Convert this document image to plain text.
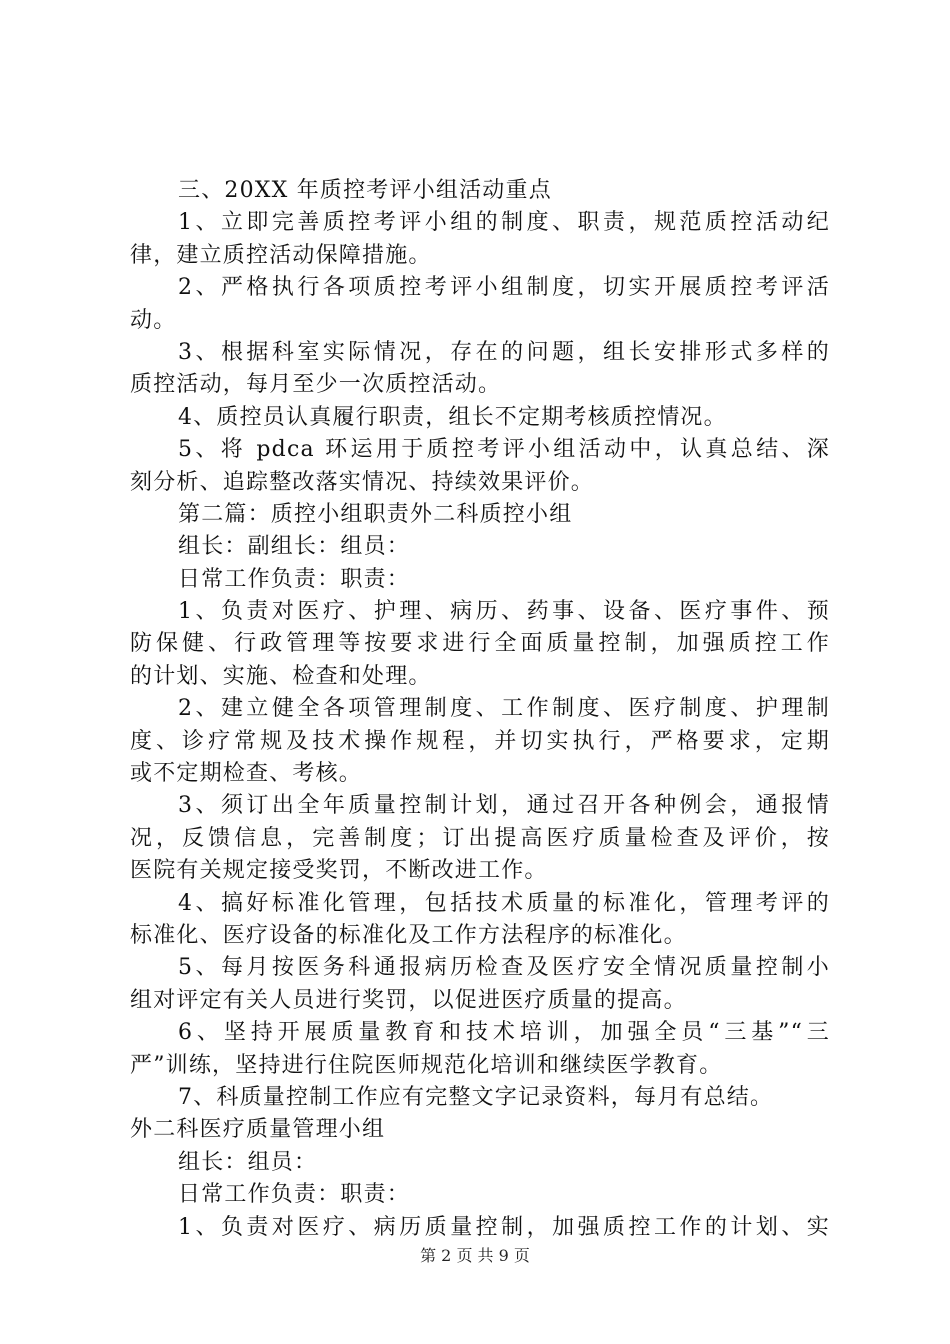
三、20XX 年质控考评小组活动重点
1、立即完善质控考评小组的制度、职责，规范质控活动纪
律，建立质控活动保障措施。
2、严格执行各项质控考评小组制度，切实开展质控考评活
动。
3、根据科室实际情况，存在的问题，组长安排形式多样的
质控活动，每月至少一次质控活动。
4、质控员认真履行职责，组长不定期考核质控情况。
5、将 pdca 环运用于质控考评小组活动中，认真总结、深
刻分析、追踪整改落实情况、持续效果评价。
第二篇：质控小组职责外二科质控小组
组长：副组长：组员：
日常工作负责：职责：
1、负责对医疗、护理、病历、药事、设备、医疗事件、预
防保健、行政管理等按要求进行全面质量控制，加强质控工作
的计划、实施、检查和处理。
2、建立健全各项管理制度、工作制度、医疗制度、护理制
度、诊疗常规及技术操作规程，并切实执行，严格要求，定期
或不定期检查、考核。
3、须订出全年质量控制计划，通过召开各种例会，通报情
况，反馈信息，完善制度；订出提高医疗质量检查及评价，按
医院有关规定接受奖罚，不断改进工作。
4、搞好标准化管理，包括技术质量的标准化，管理考评的
标准化、医疗设备的标准化及工作方法程序的标准化。
5、每月按医务科通报病历检查及医疗安全情况质量控制小
组对评定有关人员进行奖罚，以促进医疗质量的提高。
6、坚持开展质量教育和技术培训，加强全员“三基”“三
严”训练，坚持进行住院医师规范化培训和继续医学教育。
7、科质量控制工作应有完整文字记录资料，每月有总结。
外二科医疗质量管理小组
组长：组员：
日常工作负责：职责：
1、负责对医疗、病历质量控制，加强质控工作的计划、实
第 2 页 共 9 页
